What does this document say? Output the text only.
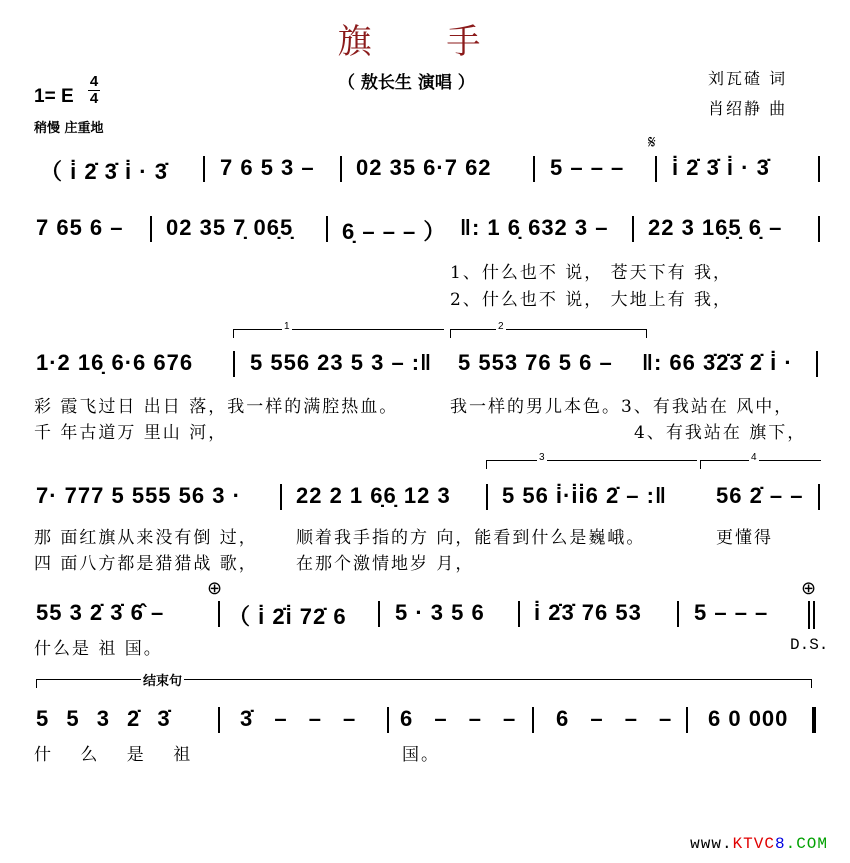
旗 手
（ 敖长生 演唱 ）	刘瓦碴 词
肖绍静 曲
1= E
4
4
稍慢 庄重地
𝄋
（ i̇ 2̇ 3̇ i̇ · 3̇ 7 6 5 3 – 02 35 6·7 62	5 – – – i̇ 2̇ 3̇ i̇ · 3̇
7 65 6 – 02 35 7̣ 06̣5̣ 6̣ – – – ） ‖: 1 6̣ 632 3 – 22 3 16̣5̣ 6̣ –
1、什么也不 说， 苍天下有 我，
2、什么也不 说， 大地上有 我，
1	2
1·2 16̣ 6·6 676	5 556 23 5 3 – :‖ 5 553 76 5 6 – ‖: 66 3̇2̇3̇ 2̇ i̇ ·
彩 霞飞过日 出日 落，我一样的满腔热血。	我一样的男儿本色。3、有我站在 风中，
千 年古道万 里山 河，	4、有我站在 旗下，
3	4
7· 777 5 555 56 3 ·	22 2 1 6̣6̣ 12 3 5 56 i̇·i̇i̇6 2̇ – :‖ 56 2̇ – –
那 面红旗从来没有倒 过， 顺着我手指的方 向，能看到什么是巍峨。	更懂得
四 面八方都是猎猎战 歌， 在那个激情地岁 月，
⊕	⊕
55 3 2̇ 3̇ 6̂ –	（ i̇ 2̇i̇ 72̇ 6 5 · 3 5 6 i̇ 2̇3̇ 76 53 5 – – –
什么是 祖 国。	D.S.
结束句
5 5 3 2̇ 3̇	3̇ – – – 6 – – – 6 – – – 6 0 000
什 么 是 祖	国。
www.KTVC8.COM
